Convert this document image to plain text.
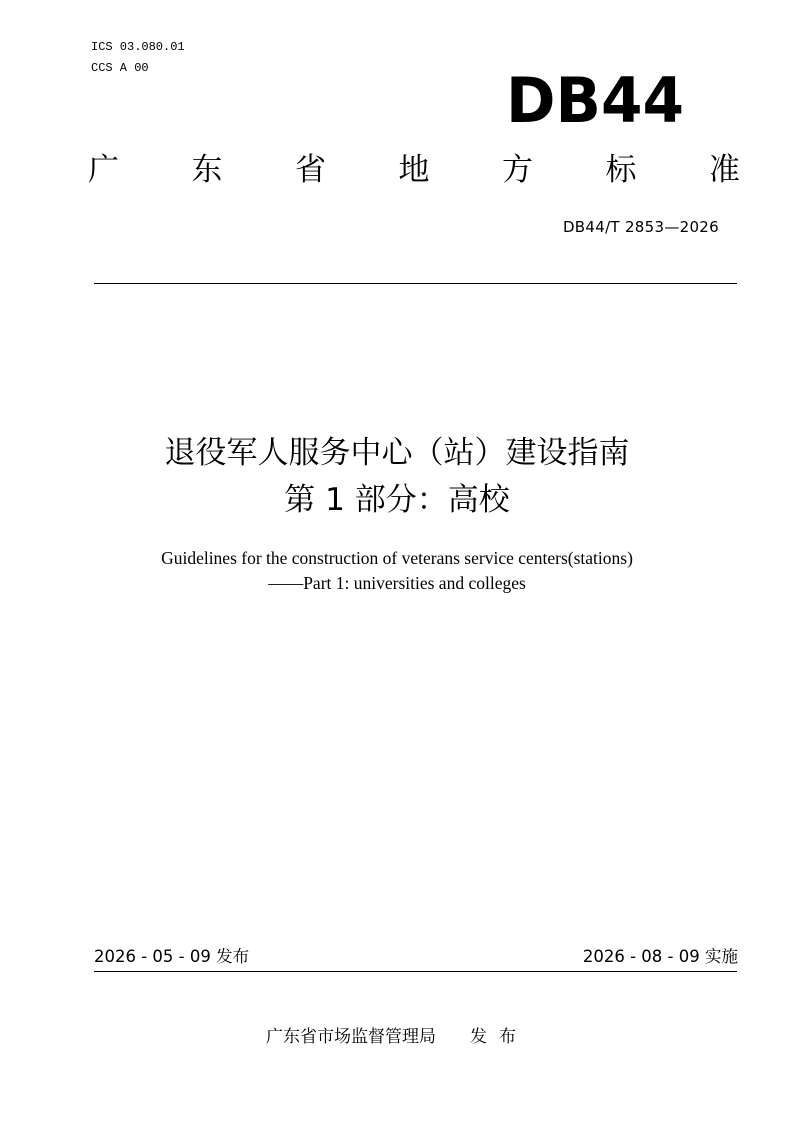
ICS 03.080.01
CCS A 00	DB44
广 东 省 地 方 标 准
DB44/T 2853—2026
退役军人服务中心（站）建设指南
第 1 部分：高校
Guidelines for the construction of veterans service centers(stations)
——Part 1: universities and colleges
2026 - 05 - 09 发布	2026 - 08 - 09 实施
广东省市场监督管理局 发布
